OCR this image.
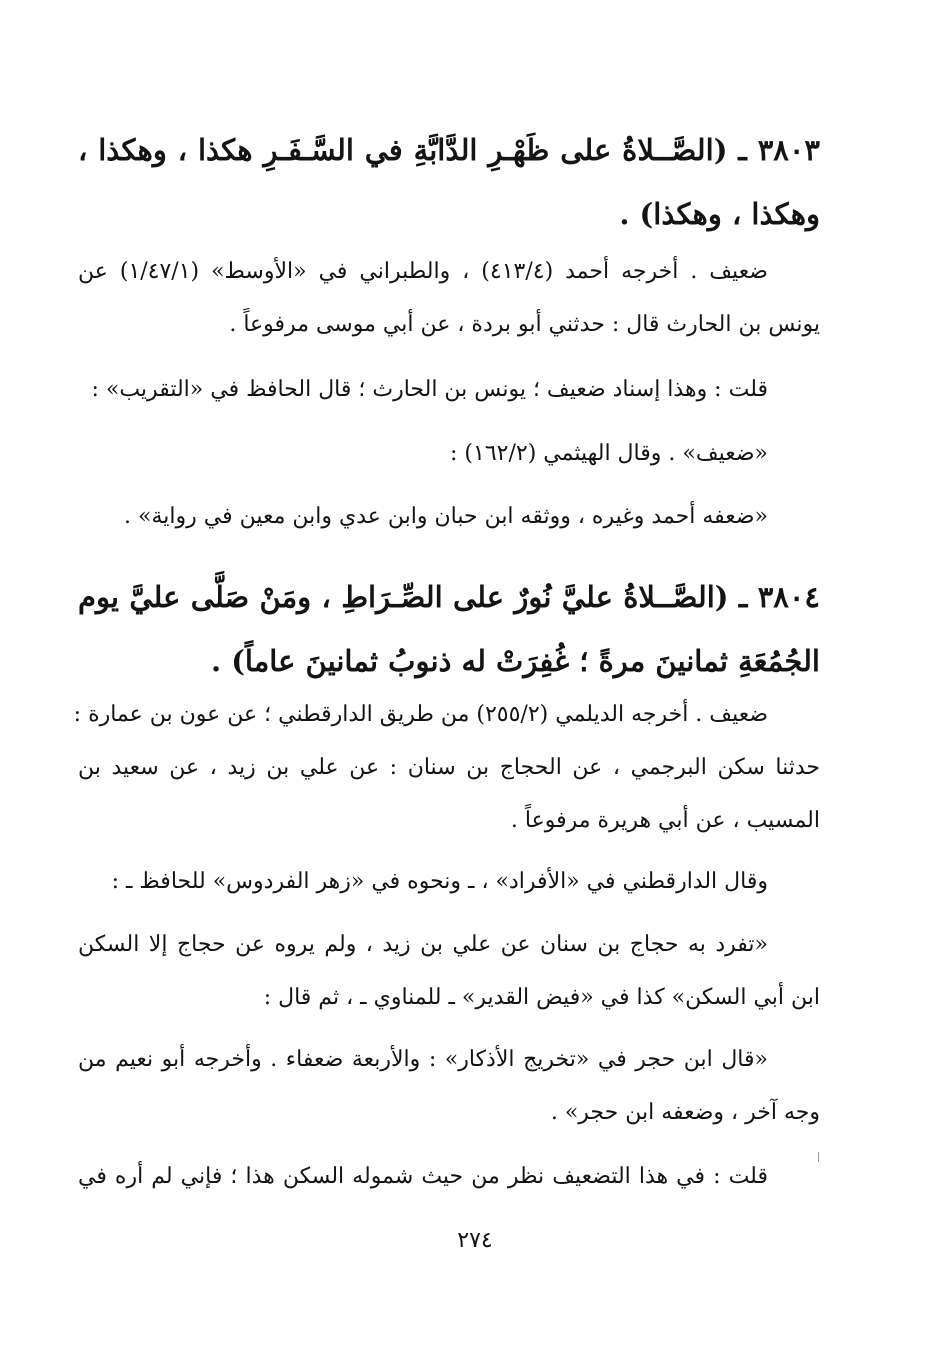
٣٨٠٣ ـ (الصَّــلاةُ على ظَهْـرِ الدَّابَّةِ في السَّـفَـرِ هكذا ، وهكذا ،
وهكذا ، وهكذا) .
ضعيف . أخرجه أحمد (٤١٣/٤) ، والطبراني في «الأوسط» (١/٤٧/١) عن
يونس بن الحارث قال : حدثني أبو بردة ، عن أبي موسى مرفوعاً .
قلت : وهذا إسناد ضعيف ؛ يونس بن الحارث ؛ قال الحافظ في «التقريب» :
«ضعيف» . وقال الهيثمي (١٦٢/٢) :
«ضعفه أحمد وغيره ، ووثقه ابن حبان وابن عدي وابن معين في رواية» .
٣٨٠٤ ـ (الصَّــلاةُ عليَّ نُورٌ على الصِّـرَاطِ ، ومَنْ صَلَّى عليَّ يوم
الجُمُعَةِ ثمانينَ مرةً ؛ غُفِرَتْ له ذنوبُ ثمانينَ عاماً) .
ضعيف . أخرجه الديلمي (٢٥٥/٢) من طريق الدارقطني ؛ عن عون بن عمارة :
حدثنا سكن البرجمي ، عن الحجاج بن سنان : عن علي بن زيد ، عن سعيد بن
المسيب ، عن أبي هريرة مرفوعاً .
وقال الدارقطني في «الأفراد» ، ـ ونحوه في «زهر الفردوس» للحافظ ـ :
«تفرد به حجاج بن سنان عن علي بن زيد ، ولم يروه عن حجاج إلا السكن
ابن أبي السكن» كذا في «فيض القدير» ـ للمناوي ـ ، ثم قال :
«قال ابن حجر في «تخريج الأذكار» : والأربعة ضعفاء . وأخرجه أبو نعيم من
وجه آخر ، وضعفه ابن حجر» .
قلت : في هذا التضعيف نظر من حيث شموله السكن هذا ؛ فإني لم أره في
٢٧٤
